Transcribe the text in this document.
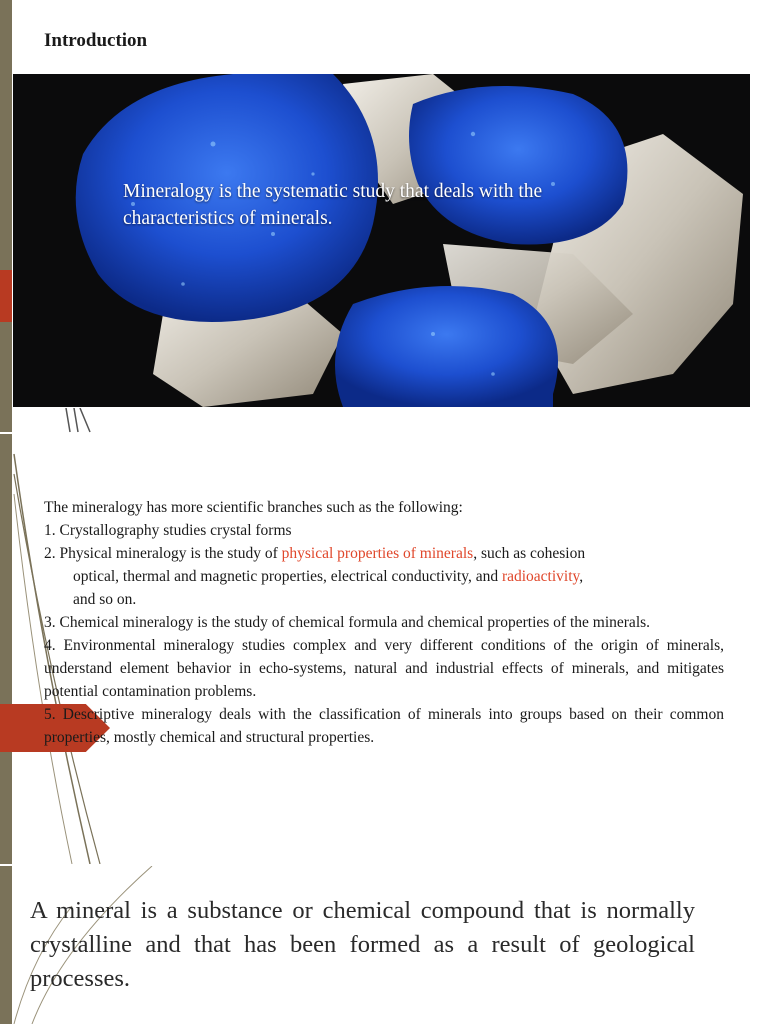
Introduction
Mineralogy is the systematic study that deals with the characteristics of minerals.

The mineralogy has more scientific branches such as the following:

1. Crystallography studies crystal forms

2. Physical mineralogy is the study of physical properties of minerals, such as cohesion

optical, thermal and magnetic properties, electrical conductivity, and radioactivity,

and so on.

3. Chemical mineralogy is the study of chemical formula and chemical properties of the minerals.

4. Environmental mineralogy studies complex and very different conditions of the origin of minerals, understand element behavior in echo-systems, natural and industrial effects of minerals, and mitigates potential contamination problems.

5. Descriptive mineralogy deals with the classification of minerals into groups based on their common properties, mostly chemical and structural properties.

A mineral is a substance or chemical compound that is normally crystalline and that has been formed as a result of geological processes.
